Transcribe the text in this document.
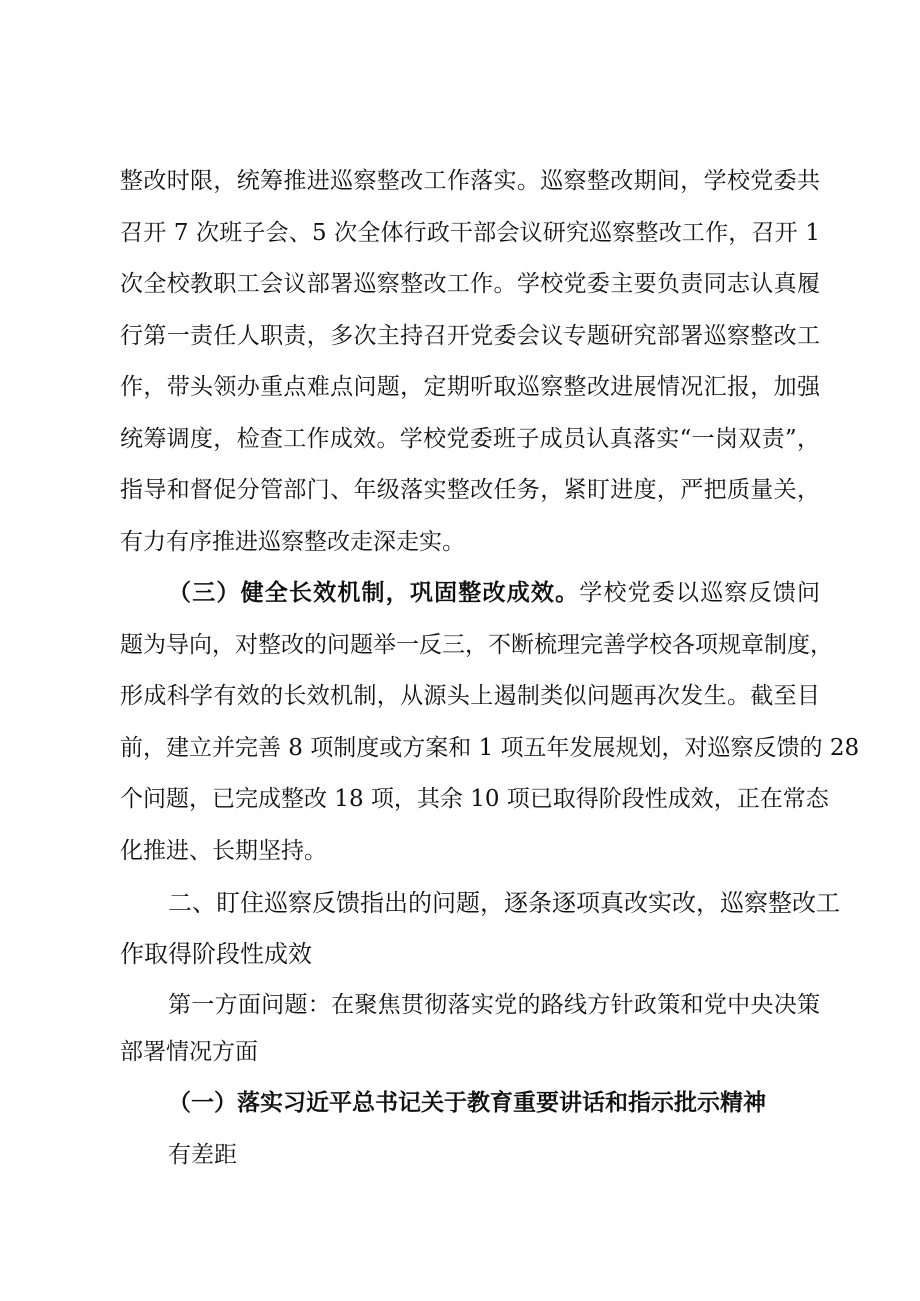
整改时限，统筹推进巡察整改工作落实。巡察整改期间，学校党委共
召开 7 次班子会、5 次全体行政干部会议研究巡察整改工作，召开 1
次全校教职工会议部署巡察整改工作。学校党委主要负责同志认真履
行第一责任人职责，多次主持召开党委会议专题研究部署巡察整改工
作，带头领办重点难点问题，定期听取巡察整改进展情况汇报，加强
统筹调度，检查工作成效。学校党委班子成员认真落实“一岗双责”，
指导和督促分管部门、年级落实整改任务，紧盯进度，严把质量关，
有力有序推进巡察整改走深走实。
（三）健全长效机制，巩固整改成效。学校党委以巡察反馈问
题为导向，对整改的问题举一反三，不断梳理完善学校各项规章制度，
形成科学有效的长效机制，从源头上遏制类似问题再次发生。截至目
前，建立并完善 8 项制度或方案和 1 项五年发展规划，对巡察反馈的 28
个问题，已完成整改 18 项，其余 10 项已取得阶段性成效，正在常态
化推进、长期坚持。
二、盯住巡察反馈指出的问题，逐条逐项真改实改，巡察整改工
作取得阶段性成效
第一方面问题：在聚焦贯彻落实党的路线方针政策和党中央决策
部署情况方面
（一）落实习近平总书记关于教育重要讲话和指示批示精神
有差距
